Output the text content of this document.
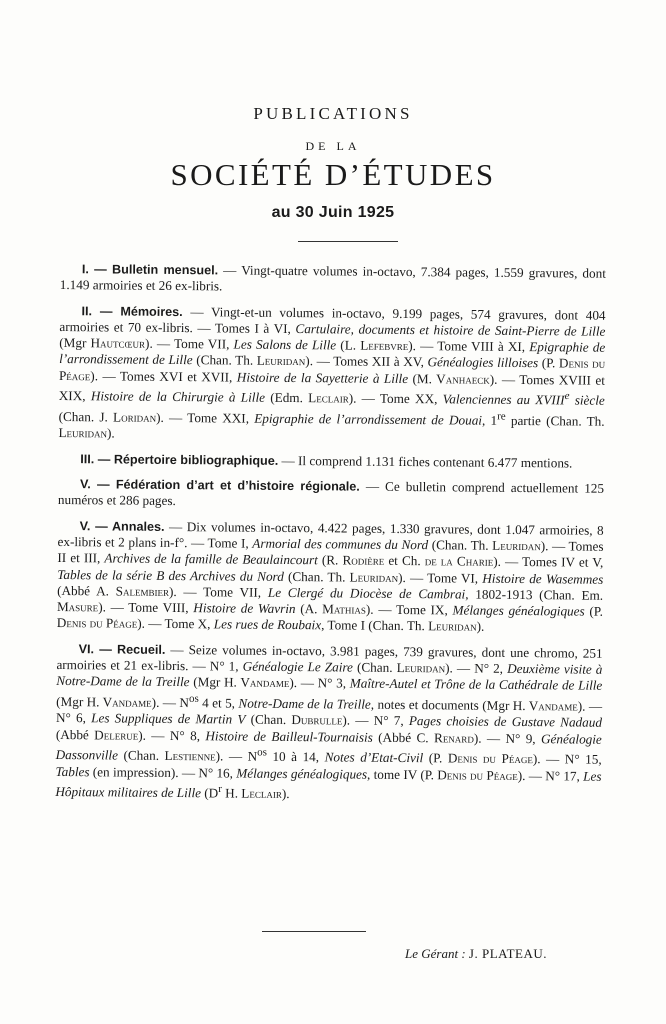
PUBLICATIONS
DE LA
SOCIÉTÉ D’ÉTUDES
au 30 Juin 1925

I. — Bulletin mensuel. — Vingt-quatre volumes in-octavo, 7.384 pages, 1.559 gravures, dont 1.149 armoiries et 26 ex-libris.

II. — Mémoires. — Vingt-et-un volumes in-octavo, 9.199 pages, 574 gravures, dont 404 armoiries et 70 ex-libris. — Tomes I à VI, Cartulaire, documents et histoire de Saint-Pierre de Lille (Mgr Hautcœur). — Tome VII, Les Salons de Lille (L. Lefebvre). — Tome VIII à XI, Epigraphie de l’arrondissement de Lille (Chan. Th. Leuridan). — Tomes XII à XV, Généalogies lilloises (P. Denis du Péage). — Tomes XVI et XVII, Histoire de la Sayetterie à Lille (M. Vanhaeck). — Tomes XVIII et XIX, Histoire de la Chirurgie à Lille (Edm. Leclair). — Tome XX, Valenciennes au XVIIIe siècle (Chan. J. Loridan). — Tome XXI, Epigraphie de l’arrondissement de Douai, 1re partie (Chan. Th. Leuridan).

III. — Répertoire bibliographique. — Il comprend 1.131 fiches contenant 6.477 mentions.

V. — Fédération d’art et d’histoire régionale. — Ce bulletin comprend actuellement 125 numéros et 286 pages.

V. — Annales. — Dix volumes in-octavo, 4.422 pages, 1.330 gravures, dont 1.047 armoiries, 8 ex-libris et 2 plans in-f°. — Tome I, Armorial des communes du Nord (Chan. Th. Leuridan). — Tomes II et III, Archives de la famille de Beaulaincourt (R. Rodière et Ch. de la Charie). — Tomes IV et V, Tables de la série B des Archives du Nord (Chan. Th. Leuridan). — Tome VI, Histoire de Wasemmes (Abbé A. Salembier). — Tome VII, Le Clergé du Diocèse de Cambrai, 1802-1913 (Chan. Em. Masure). — Tome VIII, Histoire de Wavrin (A. Mathias). — Tome IX, Mélanges généalogiques (P. Denis du Péage). — Tome X, Les rues de Roubaix, Tome I (Chan. Th. Leuridan).

VI. — Recueil. — Seize volumes in-octavo, 3.981 pages, 739 gravures, dont une chromo, 251 armoiries et 21 ex-libris. — N° 1, Généalogie Le Zaire (Chan. Leuridan). — N° 2, Deuxième visite à Notre-Dame de la Treille (Mgr H. Vandame). — N° 3, Maître-Autel et Trône de la Cathédrale de Lille (Mgr H. Vandame). — $N^{os}$ 4 et 5, Notre-Dame de la Treille, notes et documents (Mgr H. Vandame). — N° 6, Les Suppliques de Martin V (Chan. Dubrulle). — N° 7, Pages choisies de Gustave Nadaud (Abbé Delerue). — N° 8, Histoire de Bailleul-Tournaisis (Abbé C. Renard). — N° 9, Généalogie Dassonville (Chan. Lestienne). — $N^{os}$ 10 à 14, Notes d’Etat-Civil (P. Denis du Péage). — N° 15, Tables (en impression). — N° 16, Mélanges généalogiques, tome IV (P. Denis du Péage). — N° 17, Les Hôpitaux militaires de Lille ($D^r$ H. Leclair).

Le Gérant : J. PLATEAU.
